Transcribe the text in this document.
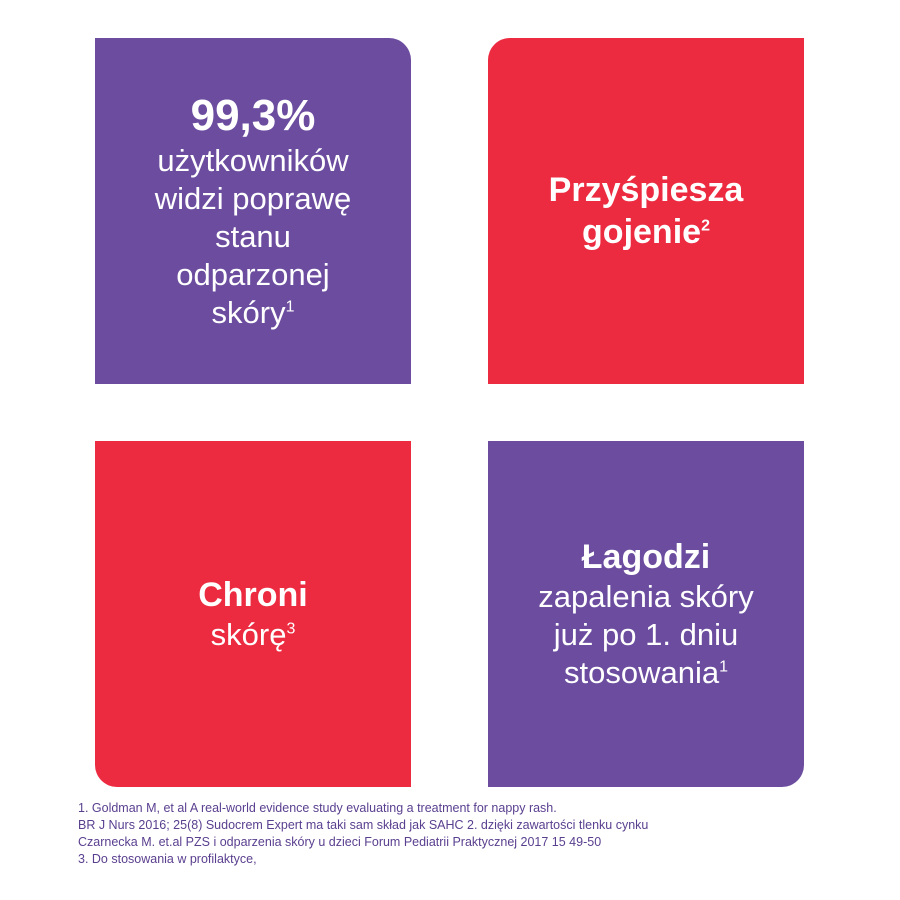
99,3%
użytkowników
widzi poprawę
stanu
odparzonej
skóry$^1$
Przyśpiesza
gojenie$^2$
Chroni
skórę$^3$
Łagodzi
zapalenia skóry
już po 1. dniu
stosowania$^1$
1. Goldman M, et al A real-world evidence study evaluating a treatment for nappy rash.
BR J Nurs 2016; 25(8) Sudocrem Expert ma taki sam skład jak SAHC 2. dzięki zawartości tlenku cynku
Czarnecka M. et.al PZS i odparzenia skóry u dzieci Forum Pediatrii Praktycznej 2017 15 49-50
3. Do stosowania w profilaktyce,
